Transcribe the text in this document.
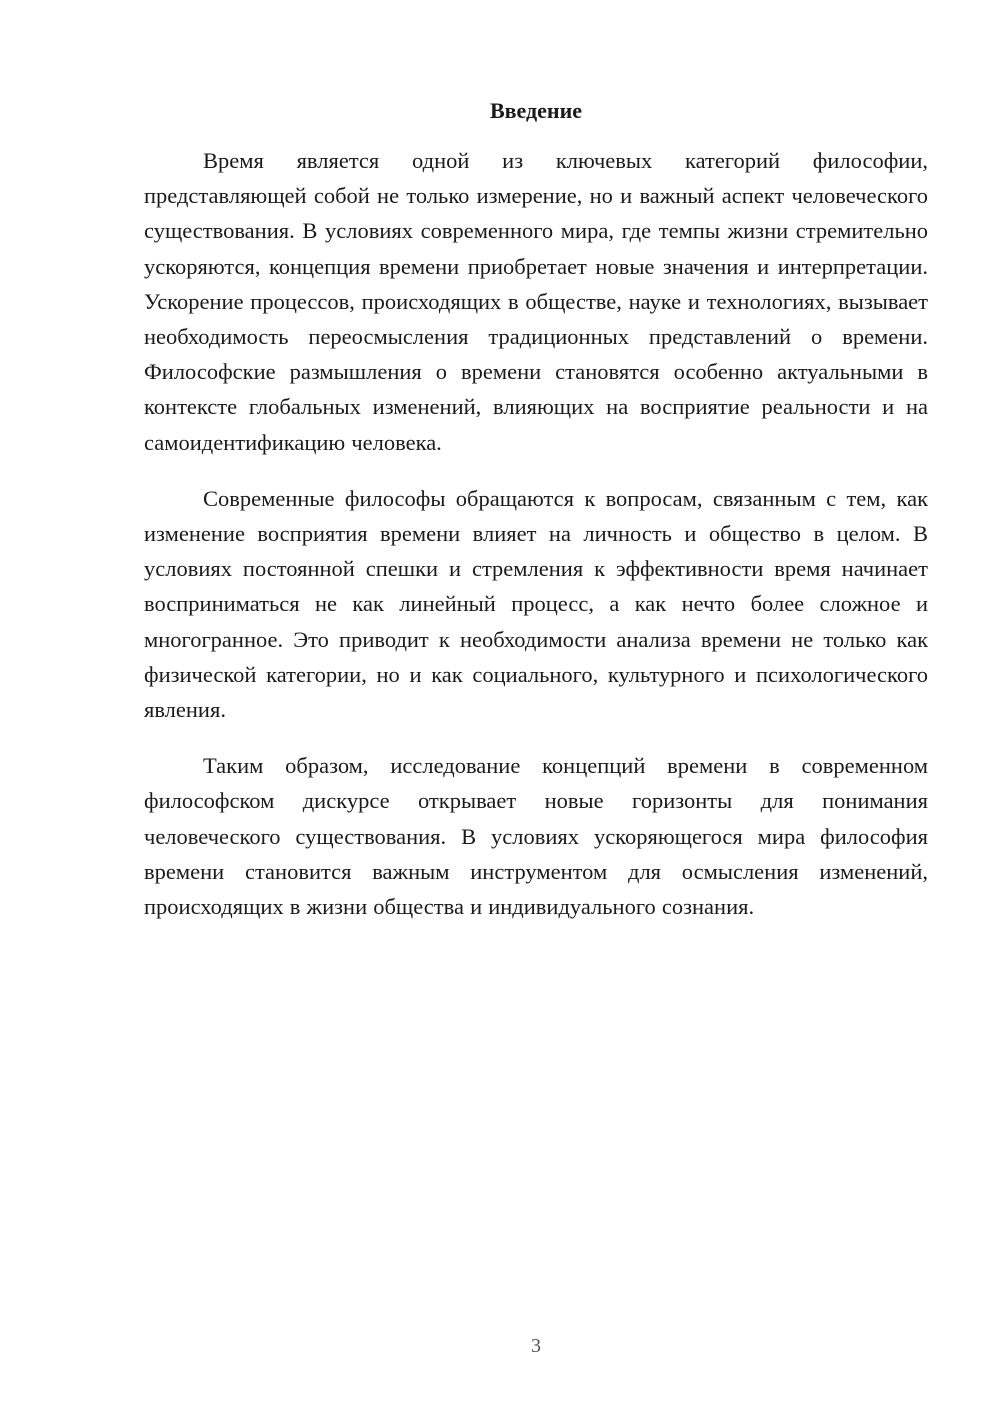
Введение

Время является одной из ключевых категорий философии, представляющей собой не только измерение, но и важный аспект человеческого существования. В условиях современного мира, где темпы жизни стремительно ускоряются, концепция времени приобретает новые значения и интерпретации. Ускорение процессов, происходящих в обществе, науке и технологиях, вызывает необходимость переосмысления традиционных представлений о времени. Философские размышления о времени становятся особенно актуальными в контексте глобальных изменений, влияющих на восприятие реальности и на самоидентификацию человека.

Современные философы обращаются к вопросам, связанным с тем, как изменение восприятия времени влияет на личность и общество в целом. В условиях постоянной спешки и стремления к эффективности время начинает восприниматься не как линейный процесс, а как нечто более сложное и многогранное. Это приводит к необходимости анализа времени не только как физической категории, но и как социального, культурного и психологического явления.

Таким образом, исследование концепций времени в современном философском дискурсе открывает новые горизонты для понимания человеческого существования. В условиях ускоряющегося мира философия времени становится важным инструментом для осмысления изменений, происходящих в жизни общества и индивидуального сознания.

3
